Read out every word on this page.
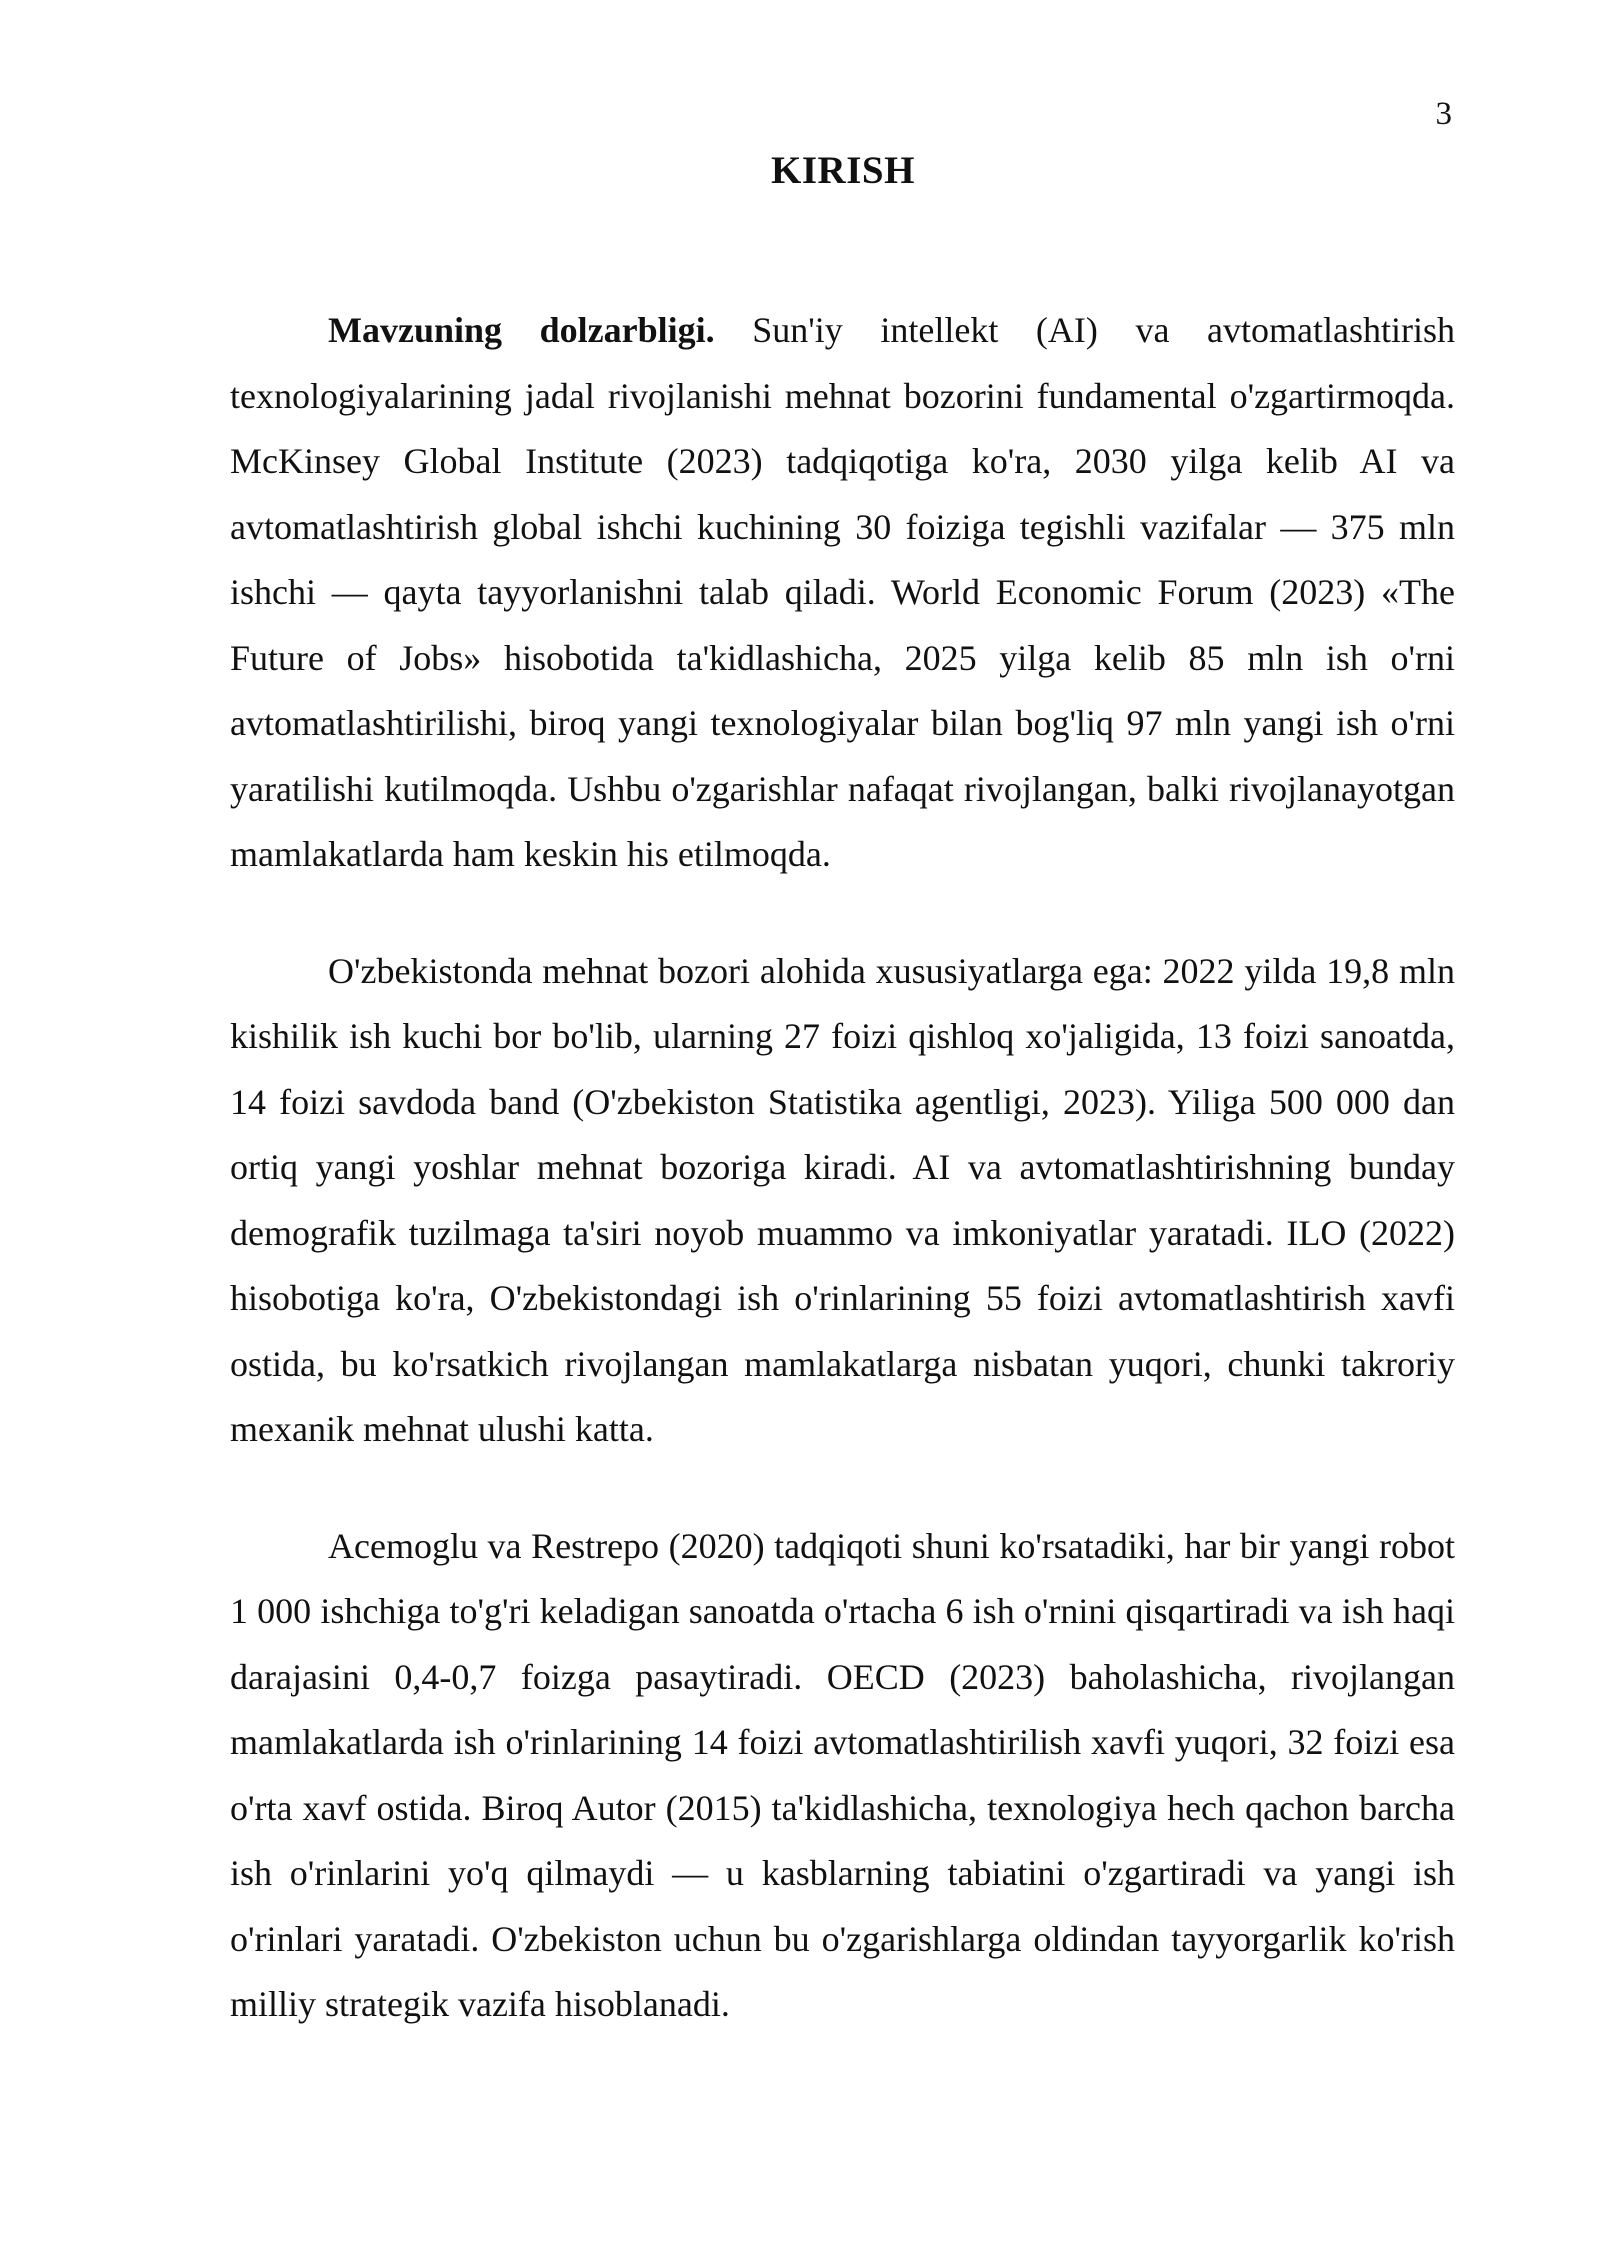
3
KIRISH

Mavzuning dolzarbligi. Sun'iy intellekt (AI) va avtomatlashtirish texnologiyalarining jadal rivojlanishi mehnat bozorini fundamental o'zgartirmoqda. McKinsey Global Institute (2023) tadqiqotiga ko'ra, 2030 yilga kelib AI va avtomatlashtirish global ishchi kuchining 30 foiziga tegishli vazifalar — 375 mln ishchi — qayta tayyorlanishni talab qiladi. World Economic Forum (2023) «The Future of Jobs» hisobotida ta'kidlashicha, 2025 yilga kelib 85 mln ish o'rni avtomatlashtirilishi, biroq yangi texnologiyalar bilan bog'liq 97 mln yangi ish o'rni yaratilishi kutilmoqda. Ushbu o'zgarishlar nafaqat rivojlangan, balki rivojlanayotgan mamlakatlarda ham keskin his etilmoqda.

O'zbekistonda mehnat bozori alohida xususiyatlarga ega: 2022 yilda 19,8 mln kishilik ish kuchi bor bo'lib, ularning 27 foizi qishloq xo'jaligida, 13 foizi sanoatda, 14 foizi savdoda band (O'zbekiston Statistika agentligi, 2023). Yiliga 500 000 dan ortiq yangi yoshlar mehnat bozoriga kiradi. AI va avtomatlashtirishning bunday demografik tuzilmaga ta'siri noyob muammo va imkoniyatlar yaratadi. ILO (2022) hisobotiga ko'ra, O'zbekistondagi ish o'rinlarining 55 foizi avtomatlashtirish xavfi ostida, bu ko'rsatkich rivojlangan mamlakatlarga nisbatan yuqori, chunki takroriy mexanik mehnat ulushi katta.

Acemoglu va Restrepo (2020) tadqiqoti shuni ko'rsatadiki, har bir yangi robot 1 000 ishchiga to'g'ri keladigan sanoatda o'rtacha 6 ish o'rnini qisqartiradi va ish haqi darajasini 0,4-0,7 foizga pasaytiradi. OECD (2023) baholashicha, rivojlangan mamlakatlarda ish o'rinlarining 14 foizi avtomatlashtirilish xavfi yuqori, 32 foizi esa o'rta xavf ostida. Biroq Autor (2015) ta'kidlashicha, texnologiya hech qachon barcha ish o'rinlarini yo'q qilmaydi — u kasblarning tabiatini o'zgartiradi va yangi ish o'rinlari yaratadi. O'zbekiston uchun bu o'zgarishlarga oldindan tayyorgarlik ko'rish milliy strategik vazifa hisoblanadi.
